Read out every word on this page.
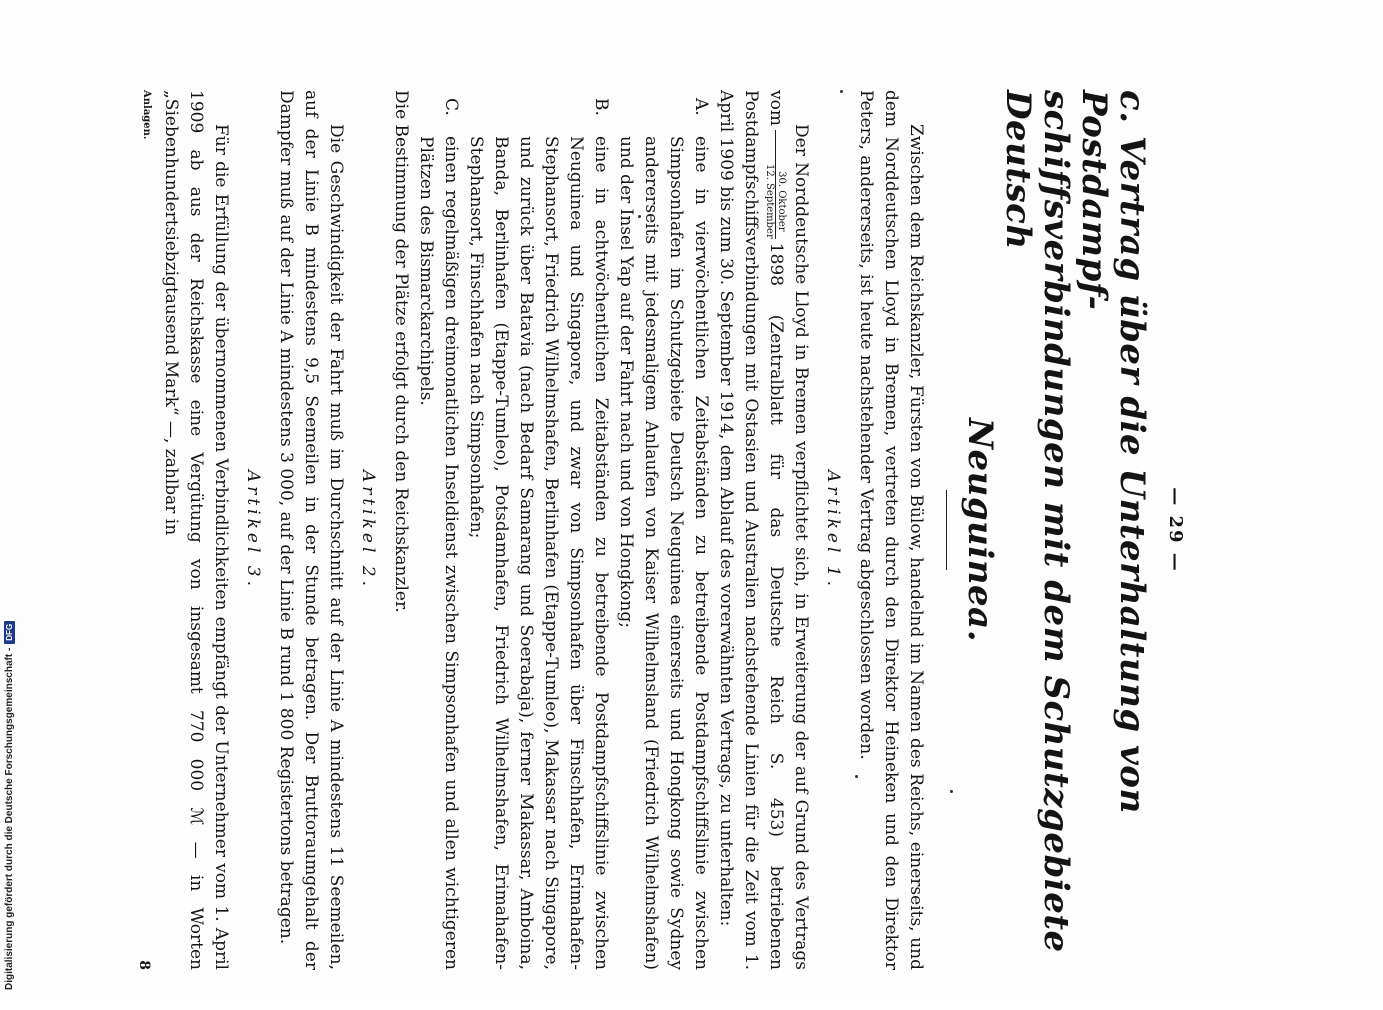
— 29 —
c. Vertrag über die Unterhaltung von Postdampf-
schiffsverbindungen mit dem Schutzgebiete Deutsch
Neuguinea.

Zwischen dem Reichskanzler, Fürsten von Bülow, handelnd im Namen des Reichs, einerseits, und dem Norddeutschen Lloyd in Bremen, vertreten durch den Direktor Heineken und den Direktor Peters, andererseits, ist heute nachstehender Vertrag abgeschlossen worden.

Artikel 1.

Der Norddeutsche Lloyd in Bremen verpflichtet sich, in Erweiterung der auf Grund des Vertrags vom
30. Oktober
12. September
1898 (Zentralblatt für das Deutsche Reich S. 453) betriebenen Postdampfschiffsverbindungen mit Ostasien und Australien nachstehende Linien für die Zeit vom 1. April 1909 bis zum 30. September 1914, dem Ablauf des vorerwähnten Vertrags, zu unterhalten:

A.
eine in vierwöchentlichen Zeitabständen zu betreibende Postdampfschiffslinie zwischen Simpsonhafen im Schutzgebiete Deutsch Neuguinea einerseits und Hongkong sowie Sydney andererseits mit jedesmaligem Anlaufen von Kaiser Wilhelmsland (Friedrich Wilhelmshafen) und der Insel Yap auf der Fahrt nach und von Hongkong;
B.
eine in achtwöchentlichen Zeitabständen zu betreibende Postdampfschiffslinie zwischen Neuguinea und Singapore, und zwar von Simpsonhafen über Finschhafen, Erimahafen-Stephansort, Friedrich Wilhelmshafen, Berlinhafen (Etappe-Tumleo), Makassar nach Singapore, und zurück über Batavia (nach Bedarf Samarang und Soerabaja), ferner Makassar, Amboina, Banda, Berlinhafen (Etappe-Tumleo), Potsdamhafen, Friedrich Wilhelmshafen, Erimahafen-Stephansort, Finschhafen nach Simpsonhafen;
C.
einen regelmäßigen dreimonatlichen Inseldienst zwischen Simpsonhafen und allen wichtigeren Plätzen des Bismarckarchipels.

Die Bestimmung der Plätze erfolgt durch den Reichskanzler.

Artikel 2.

Die Geschwindigkeit der Fahrt muß im Durchschnitt auf der Linie A mindestens 11 Seemeilen, auf der Linie B mindestens 9,5 Seemeilen in der Stunde betragen. Der Bruttoraumgehalt der Dampfer muß auf der Linie A mindestens 3 000, auf der Linie B rund 1 800 Registertons betragen.

Artikel 3.

Für die Erfüllung der übernommenen Verbindlichkeiten empfängt der Unternehmer vom 1. April 1909 ab aus der Reichskasse eine Vergütung von insgesamt 770 000 ℳ — in Worten „Siebenhundertsiebzigtausend Mark“ —, zahlbar in

Anlagen.
8
Digitalisierung gefördert durch die Deutsche Forschungsgemeinschaft -
DFG
